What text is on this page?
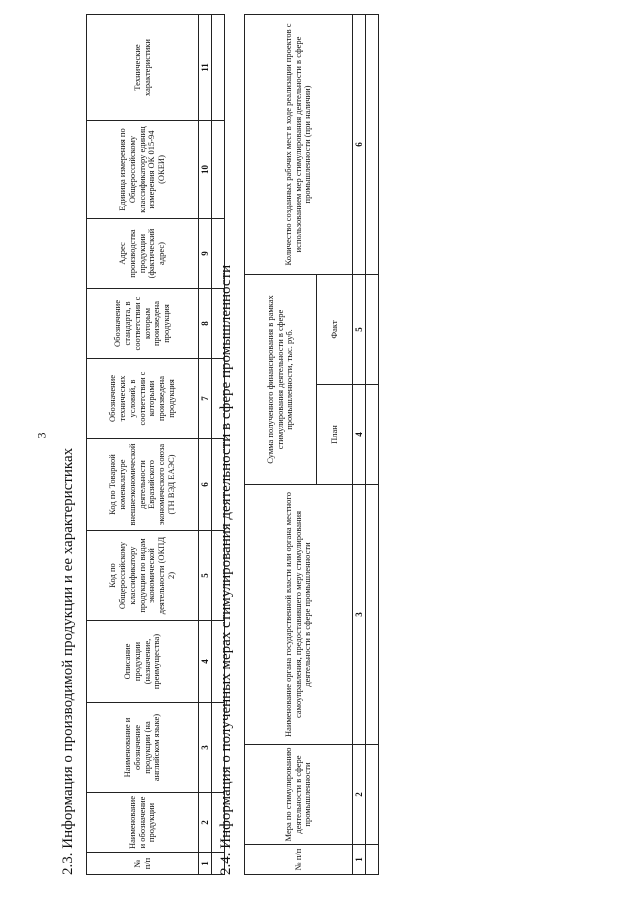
3
2.3. Информация о производимой продукции и ее характеристиках	№ п/п	Наименование и обозначение продукции	Наименование и обозначение продукции (на английском языке)	Описание продукции (назначение, преимущества)	Код по Общероссийскому классификатору продукции по видам экономической деятельности (ОКПД 2)	Код по Товарной номенклатуре внешнеэкономической деятельности Евразийского экономического союза (ТН ВЭД ЕАЭС)	Обозначение технических условий, в соответствии с которыми произведена продукция	Обозначение стандарта, в соответствии с которым произведена продукция	Адрес производства продукции (фактический адрес)	Единица измерения по Общероссийскому классификатору единиц измерения ОК 015-94 (ОКЕИ)	Технические характеристики
1	2	3	4	5	6	7	8	9	10	11

2.4. Информация о полученных мерах стимулирования деятельности в сфере промышленности	№ п/п	Мера по стимулированию деятельности в сфере промышленности	Наименование органа государственной власти или органа местного самоуправления, предоставившего меру стимулирования деятельности в сфере промышленности	Сумма полученного финансирования в рамках стимулирования деятельности в сфере промышленности, тыс. руб.		Количество созданных рабочих мест в ходе реализации проектов с использованием мер стимулирования деятельности в сфере промышленности (при наличии)
			План	Факт	
1	2	3	4	5	6
